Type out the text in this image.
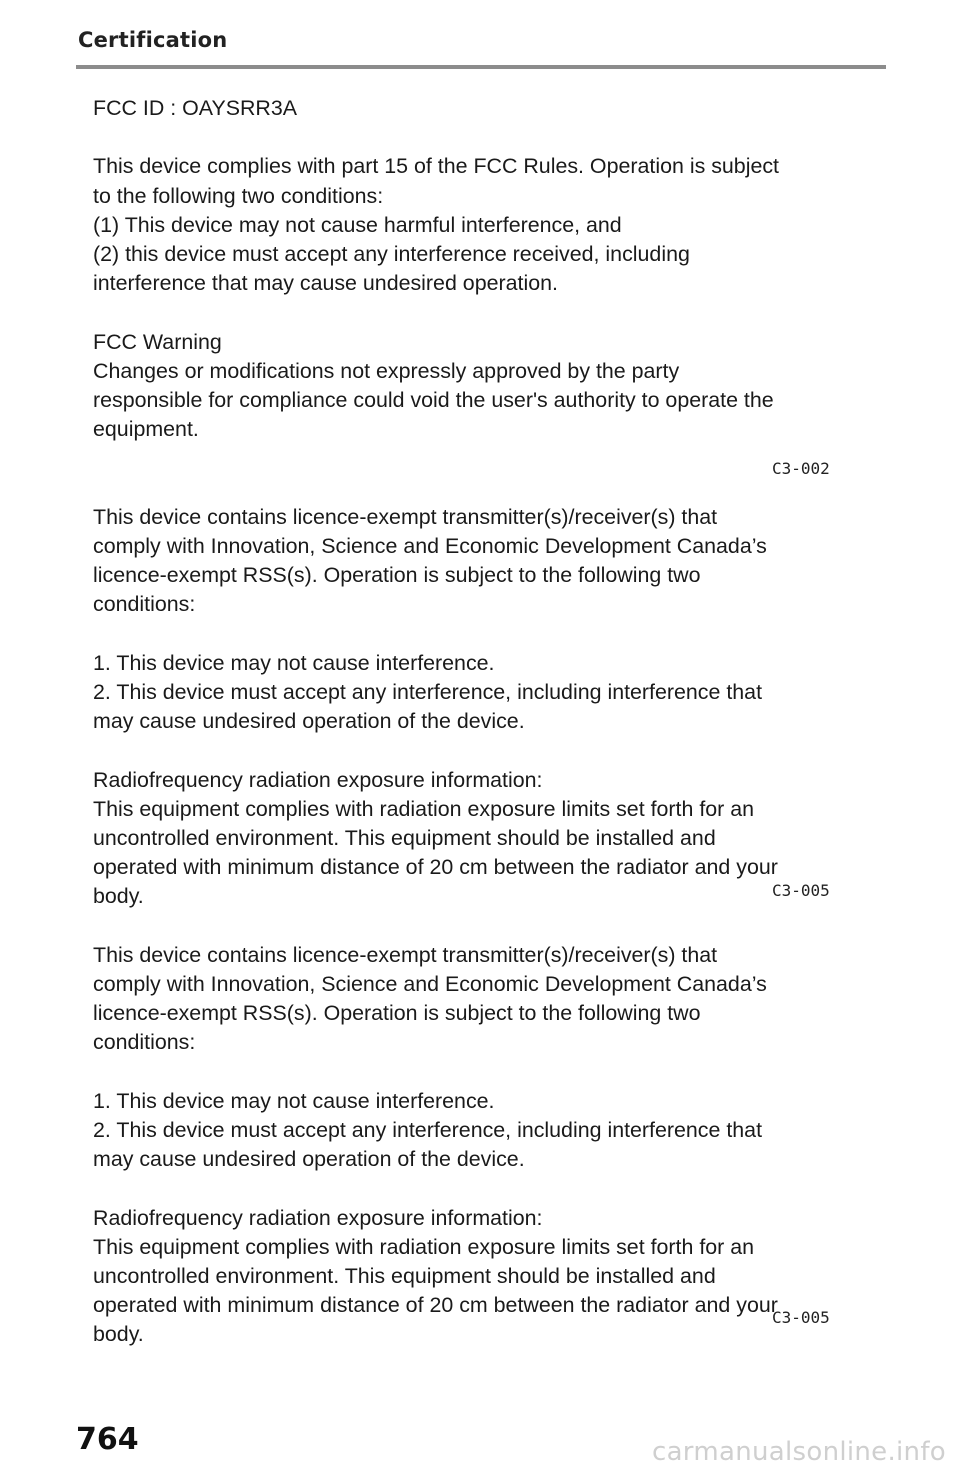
Certification
FCC ID : OAYSRR3A
This device complies with part 15 of the FCC Rules. Operation is subject
to the following two conditions:
(1) This device may not cause harmful interference, and
(2) this device must accept any interference received, including
interference that may cause undesired operation.
FCC Warning
Changes or modifications not expressly approved by the party
responsible for compliance could void the user's authority to operate the
equipment.
This device contains licence-exempt transmitter(s)/receiver(s) that
comply with Innovation, Science and Economic Development Canada’s
licence-exempt RSS(s). Operation is subject to the following two
conditions:
1. This device may not cause interference.
2. This device must accept any interference, including interference that
may cause undesired operation of the device.
Radiofrequency radiation exposure information:
This equipment complies with radiation exposure limits set forth for an
uncontrolled environment. This equipment should be installed and
operated with minimum distance of 20 cm between the radiator and your
body.
This device contains licence-exempt transmitter(s)/receiver(s) that
comply with Innovation, Science and Economic Development Canada’s
licence-exempt RSS(s). Operation is subject to the following two
conditions:
1. This device may not cause interference.
2. This device must accept any interference, including interference that
may cause undesired operation of the device.
Radiofrequency radiation exposure information:
This equipment complies with radiation exposure limits set forth for an
uncontrolled environment. This equipment should be installed and
operated with minimum distance of 20 cm between the radiator and your
body.
C3-002
C3-005
C3-005
764	carmanualsonline.info
